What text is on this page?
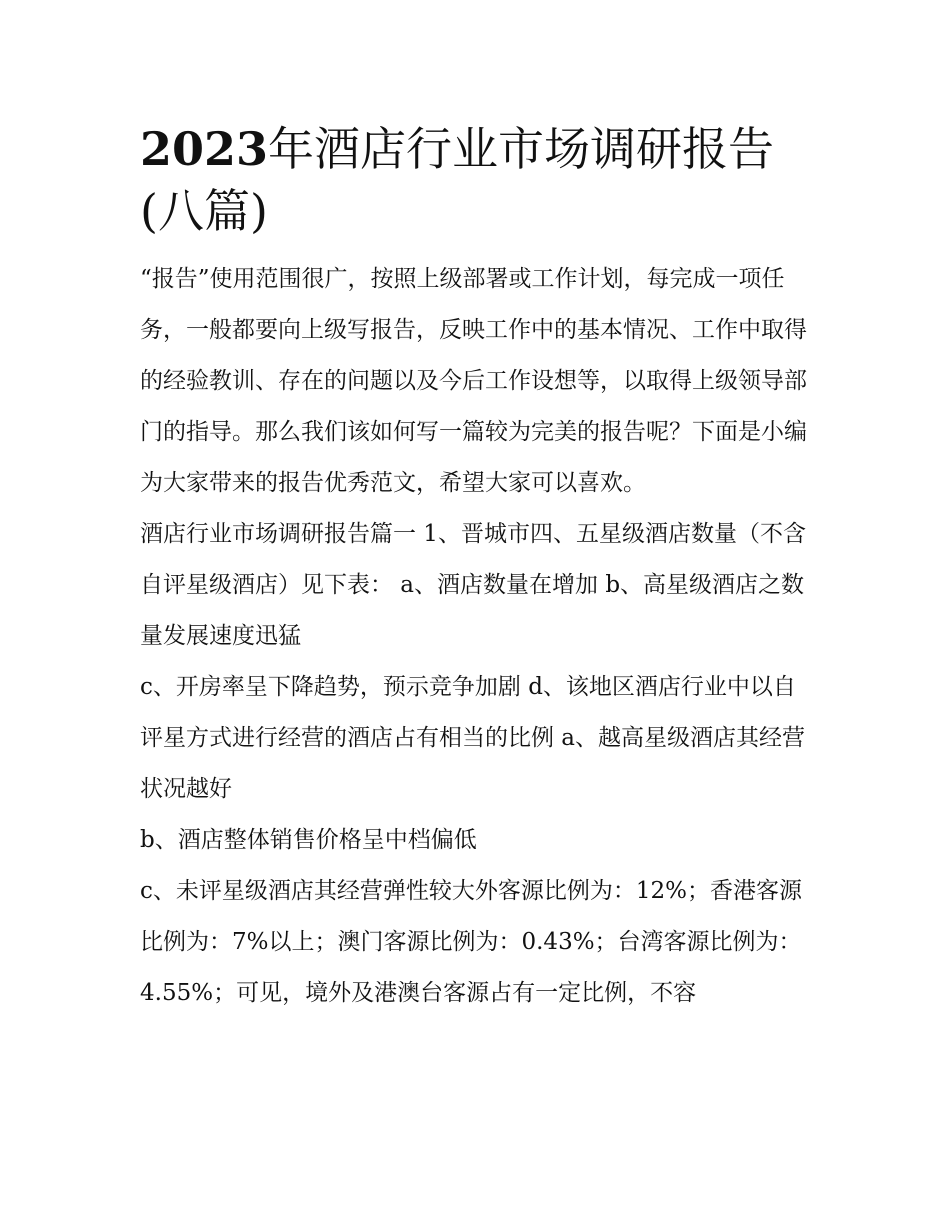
2023年酒店行业市场调研报告(八篇)

“报告”使用范围很广，按照上级部署或工作计划，每完成一项任务，一般都要向上级写报告，反映工作中的基本情况、工作中取得的经验教训、存在的问题以及今后工作设想等，以取得上级领导部门的指导。那么我们该如何写一篇较为完美的报告呢？下面是小编为大家带来的报告优秀范文，希望大家可以喜欢。

酒店行业市场调研报告篇一 1、晋城市四、五星级酒店数量（不含自评星级酒店）见下表： a、酒店数量在增加 b、高星级酒店之数量发展速度迅猛

c、开房率呈下降趋势，预示竞争加剧 d、该地区酒店行业中以自评星方式进行经营的酒店占有相当的比例 a、越高星级酒店其经营状况越好

b、酒店整体销售价格呈中档偏低

c、未评星级酒店其经营弹性较大外客源比例为：12%；香港客源比例为：7%以上；澳门客源比例为：0.43%；台湾客源比例为：4.55%；可见，境外及港澳台客源占有一定比例，不容
